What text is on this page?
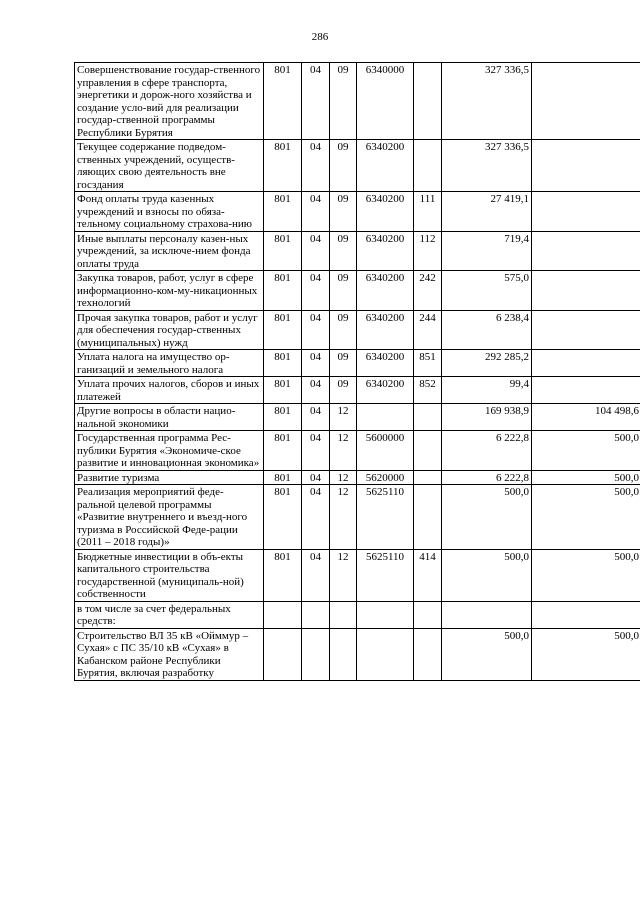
286
Совершенствование государ-ственного управления в сфере транспорта, энергетики и дорож-ного хозяйства и создание усло-вий для реализации государ-ственной программы Республики Бурятия	801	04	09	6340000		327 336,5	
Текущее содержание подведом-ственных учреждений, осуществ-ляющих свою деятельность вне госздания	801	04	09	6340200		327 336,5	
Фонд оплаты труда казенных учреждений и взносы по обяза-тельному социальному страхова-нию	801	04	09	6340200	111	27 419,1	
Иные выплаты персоналу казен-ных учреждений, за исключе-нием фонда оплаты труда	801	04	09	6340200	112	719,4	
Закупка товаров, работ, услуг в сфере информационно-ком-му-никационных технологий	801	04	09	6340200	242	575,0	
Прочая закупка товаров, работ и услуг для обеспечения государ-ственных (муниципальных) нужд	801	04	09	6340200	244	6 238,4	
Уплата налога на имущество ор-ганизаций и земельного налога	801	04	09	6340200	851	292 285,2	
Уплата прочих налогов, сборов и иных платежей	801	04	09	6340200	852	99,4	
Другие вопросы в области нацио-нальной экономики	801	04	12			169 938,9	104 498,6
Государственная программа Рес-публики Бурятия «Экономиче-ское развитие и инновационная экономика»	801	04	12	5600000		6 222,8	500,0
Развитие туризма	801	04	12	5620000		6 222,8	500,0
Реализация мероприятий феде-ральной целевой программы «Развитие внутреннего и въезд-ного туризма в Российской Феде-рации (2011 – 2018 годы)»	801	04	12	5625110		500,0	500,0
Бюджетные инвестиции в объ-екты капитального строительства государственной (муниципаль-ной) собственности	801	04	12	5625110	414	500,0	500,0
в том числе за счет федеральных средств:							
Строительство ВЛ 35 кВ «Ойммур – Сухая» с ПС 35/10 кВ «Сухая» в Кабанском районе Республики Бурятия, включая разработку						500,0	500,0
